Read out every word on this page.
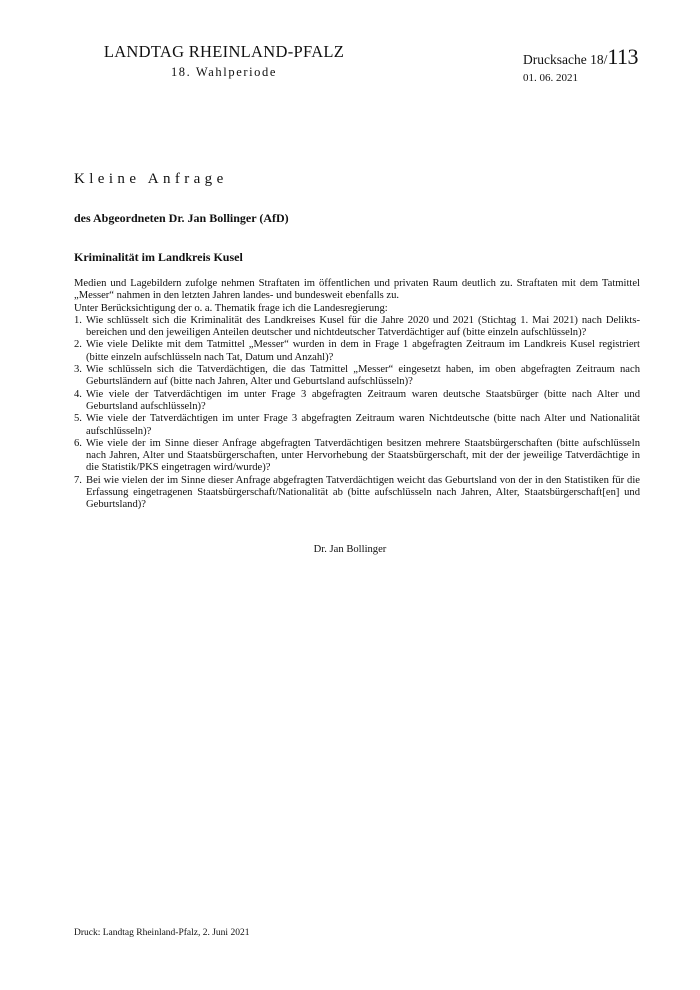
LANDTAG RHEINLAND-PFALZ
18. Wahlperiode
Drucksache 18/113
01. 06. 2021
Kleine Anfrage
des Abgeordneten Dr. Jan Bollinger (AfD)
Kriminalität im Landkreis Kusel

Medien und Lagebildern zufolge nehmen Straftaten im öffentlichen und privaten Raum deutlich zu. Straftaten mit dem Tatmittel „Messer“ nahmen in den letzten Jahren landes- und bundesweit ebenfalls zu.

Unter Berücksichtigung der o. a. Thematik frage ich die Landesregierung:

1. Wie schlüsselt sich die Kriminalität des Landkreises Kusel für die Jahre 2020 und 2021 (Stichtag 1. Mai 2021) nach Deliktsbereichen und den jeweiligen Anteilen deutscher und nichtdeutscher Tatverdächtiger auf (bitte einzeln aufschlüsseln)?
2. Wie viele Delikte mit dem Tatmittel „Messer“ wurden in dem in Frage 1 abgefragten Zeitraum im Landkreis Kusel registriert (bitte einzeln aufschlüsseln nach Tat, Datum und Anzahl)?
3. Wie schlüsseln sich die Tatverdächtigen, die das Tatmittel „Messer“ eingesetzt haben, im oben abgefragten Zeitraum nach Geburtsländern auf (bitte nach Jahren, Alter und Geburtsland aufschlüsseln)?
4. Wie viele der Tatverdächtigen im unter Frage 3 abgefragten Zeitraum waren deutsche Staatsbürger (bitte nach Alter und Geburtsland aufschlüsseln)?
5. Wie viele der Tatverdächtigen im unter Frage 3 abgefragten Zeitraum waren Nichtdeutsche (bitte nach Alter und Nationalität aufschlüsseln)?
6. Wie viele der im Sinne dieser Anfrage abgefragten Tatverdächtigen besitzen mehrere Staatsbürgerschaften (bitte aufschlüsseln nach Jahren, Alter und Staatsbürgerschaften, unter Hervorhebung der Staatsbürgerschaft, mit der der jeweilige Tatverdächtige in die Statistik/PKS eingetragen wird/wurde)?
7. Bei wie vielen der im Sinne dieser Anfrage abgefragten Tatverdächtigen weicht das Geburtsland von der in den Statistiken für die Erfassung eingetragenen Staatsbürgerschaft/Nationalität ab (bitte aufschlüsseln nach Jahren, Alter, Staatsbürgerschaft[en] und Geburtsland)?
Dr. Jan Bollinger
Druck: Landtag Rheinland-Pfalz, 2. Juni 2021
